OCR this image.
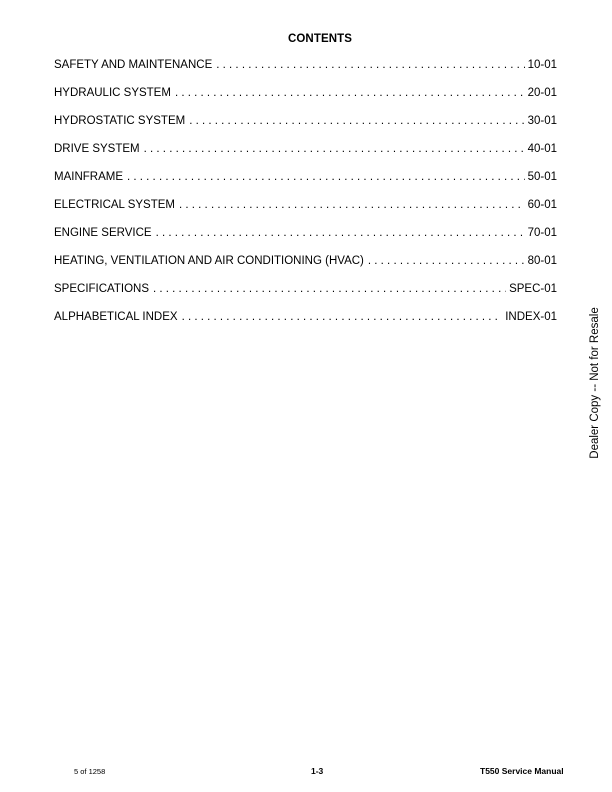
CONTENTS
SAFETY AND MAINTENANCE . . .	10-01
HYDRAULIC SYSTEM . . .	20-01
HYDROSTATIC SYSTEM . . .	30-01
DRIVE SYSTEM . . .	40-01
MAINFRAME . . .	50-01
ELECTRICAL SYSTEM . . .	60-01
ENGINE SERVICE . . .	70-01
HEATING, VENTILATION AND AIR CONDITIONING (HVAC) . . .	80-01
SPECIFICATIONS . . .	SPEC-01
ALPHABETICAL INDEX . . .	INDEX-01	Dealer Copy -- Not for Resale
5 of 1258	1-3	T550 Service Manual
